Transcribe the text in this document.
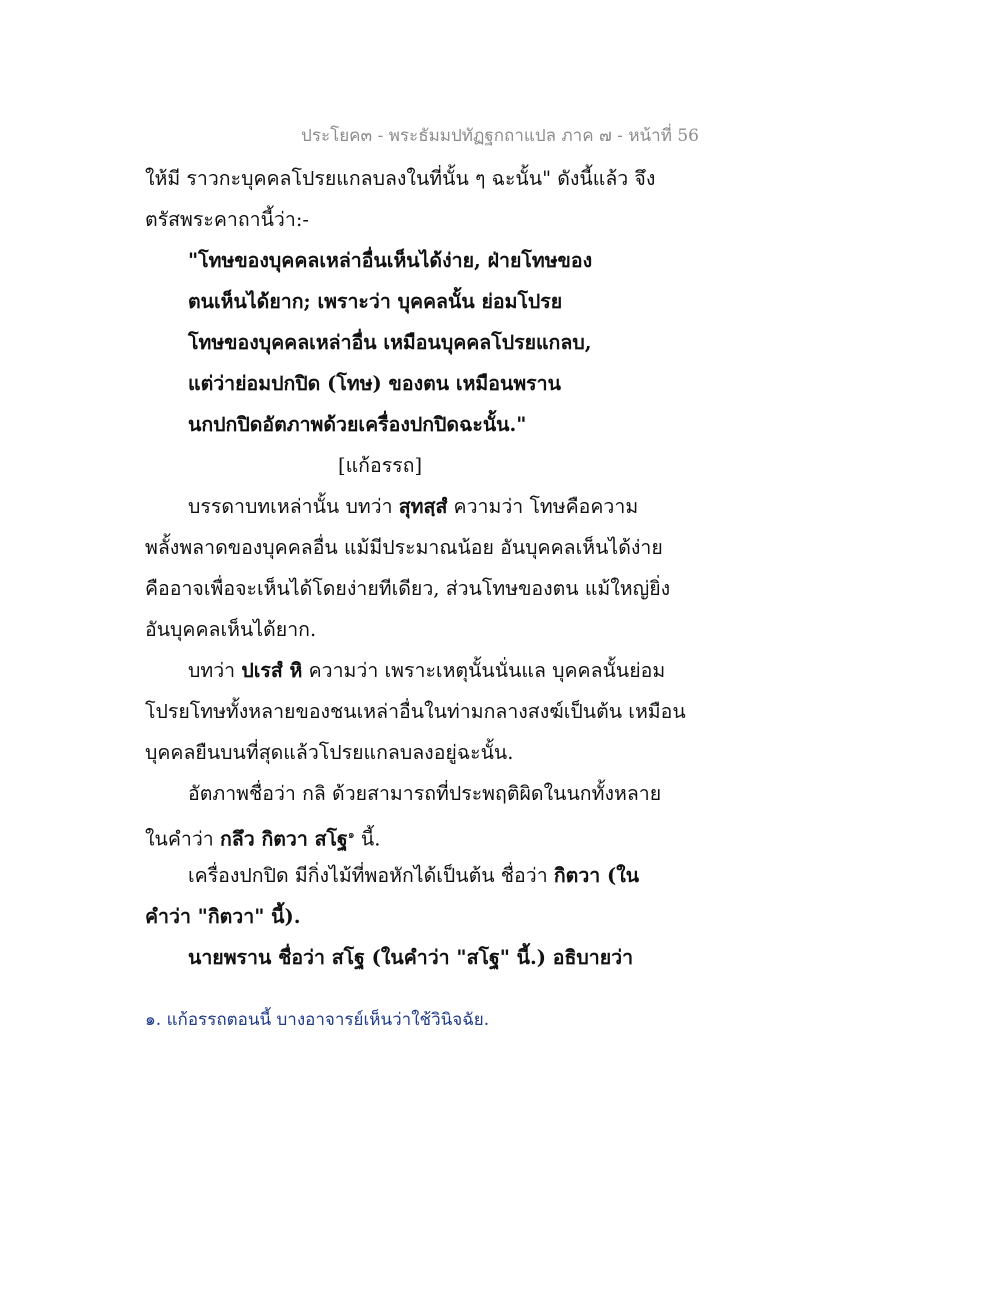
ประโยค๓ - พระธัมมปทัฏฐกถาแปล ภาค ๗ - หน้าที่ 56
ให้มี ราวกะบุคคลโปรยแกลบลงในที่นั้น ๆ ฉะนั้น" ดังนี้แล้ว จึง
ตรัสพระคาถานี้ว่า:-
"โทษของบุคคลเหล่าอื่นเห็นได้ง่าย, ฝ่ายโทษของ
ตนเห็นได้ยาก; เพราะว่า บุคคลนั้น ย่อมโปรย
โทษของบุคคลเหล่าอื่น เหมือนบุคคลโปรยแกลบ,
แต่ว่าย่อมปกปิด (โทษ) ของตน เหมือนพราน
นกปกปิดอัตภาพด้วยเครื่องปกปิดฉะนั้น."
[แก้อรรถ]
บรรดาบทเหล่านั้น บทว่า สุทสฺสํ ความว่า โทษคือความ
พลั้งพลาดของบุคคลอื่น แม้มีประมาณน้อย อันบุคคลเห็นได้ง่าย
คืออาจเพื่อจะเห็นได้โดยง่ายทีเดียว, ส่วนโทษของตน แม้ใหญ่ยิ่ง
อันบุคคลเห็นได้ยาก.
บทว่า ปเรสํ หิ ความว่า เพราะเหตุนั้นนั่นแล บุคคลนั้นย่อม
โปรยโทษทั้งหลายของชนเหล่าอื่นในท่ามกลางสงฆ์เป็นต้น เหมือน
บุคคลยืนบนที่สุดแล้วโปรยแกลบลงอยู่ฉะนั้น.
อัตภาพชื่อว่า กลิ ด้วยสามารถที่ประพฤติผิดในนกทั้งหลาย
ในคำว่า กลึว กิตวา สโฐ$^๑$ นี้.
เครื่องปกปิด มีกิ่งไม้ที่พอหักได้เป็นต้น ชื่อว่า กิตวา (ใน
คำว่า "กิตวา" นี้).
นายพราน ชื่อว่า สโฐ (ในคำว่า "สโฐ" นี้.) อธิบายว่า
๑. แก้อรรถตอนนี้ บางอาจารย์เห็นว่าใช้วินิจฉัย.
